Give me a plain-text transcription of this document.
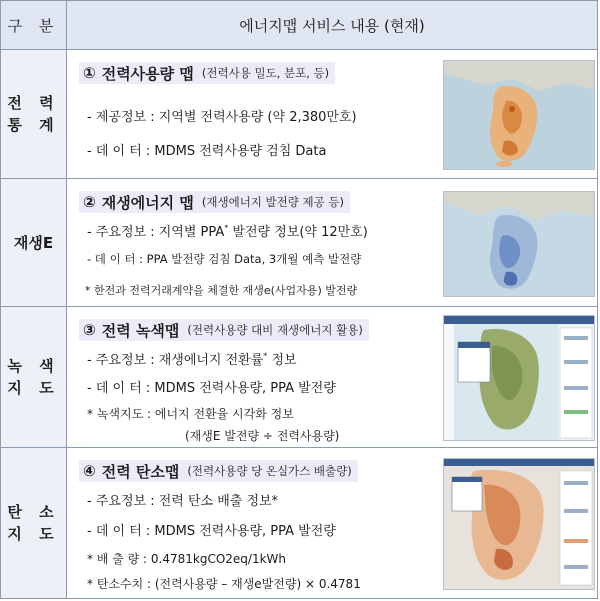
구 분	에너지맵 서비스 내용 (현재)
전 력
통 계
① 전력사용량 맵 (전력사용 밀도, 분포, 등)
- 제공정보 : 지역별 전력사용량 (약 2,380만호)
- 데 이 터 : MDMS 전력사용량 검침 Data
재생E
② 재생에너지 맵 (재생에너지 발전량 제공 등)
- 주요정보 : 지역별 PPA* 발전량 정보(약 12만호)
- 데 이 터 : PPA 발전량 검침 Data, 3개월 예측 발전량
* 한전과 전력거래계약을 체결한 재생e(사업자용) 발전량
녹 색
지 도
③ 전력 녹색맵 (전력사용량 대비 재생에너지 활용)
- 주요정보 : 재생에너지 전환률* 정보
- 데 이 터 : MDMS 전력사용량, PPA 발전량
* 녹색지도 : 에너지 전환율 시각화 정보
(재생E 발전량 ÷ 전력사용량)
탄 소
지 도
④ 전력 탄소맵 (전력사용량 당 온실가스 배출량)
- 주요정보 : 전력 탄소 배출 정보*
- 데 이 터 : MDMS 전력사용량, PPA 발전량
* 배 출 량 : 0.4781kgCO2eq/1kWh
* 탄소수치 : (전력사용량 – 재생e발전량) × 0.4781
